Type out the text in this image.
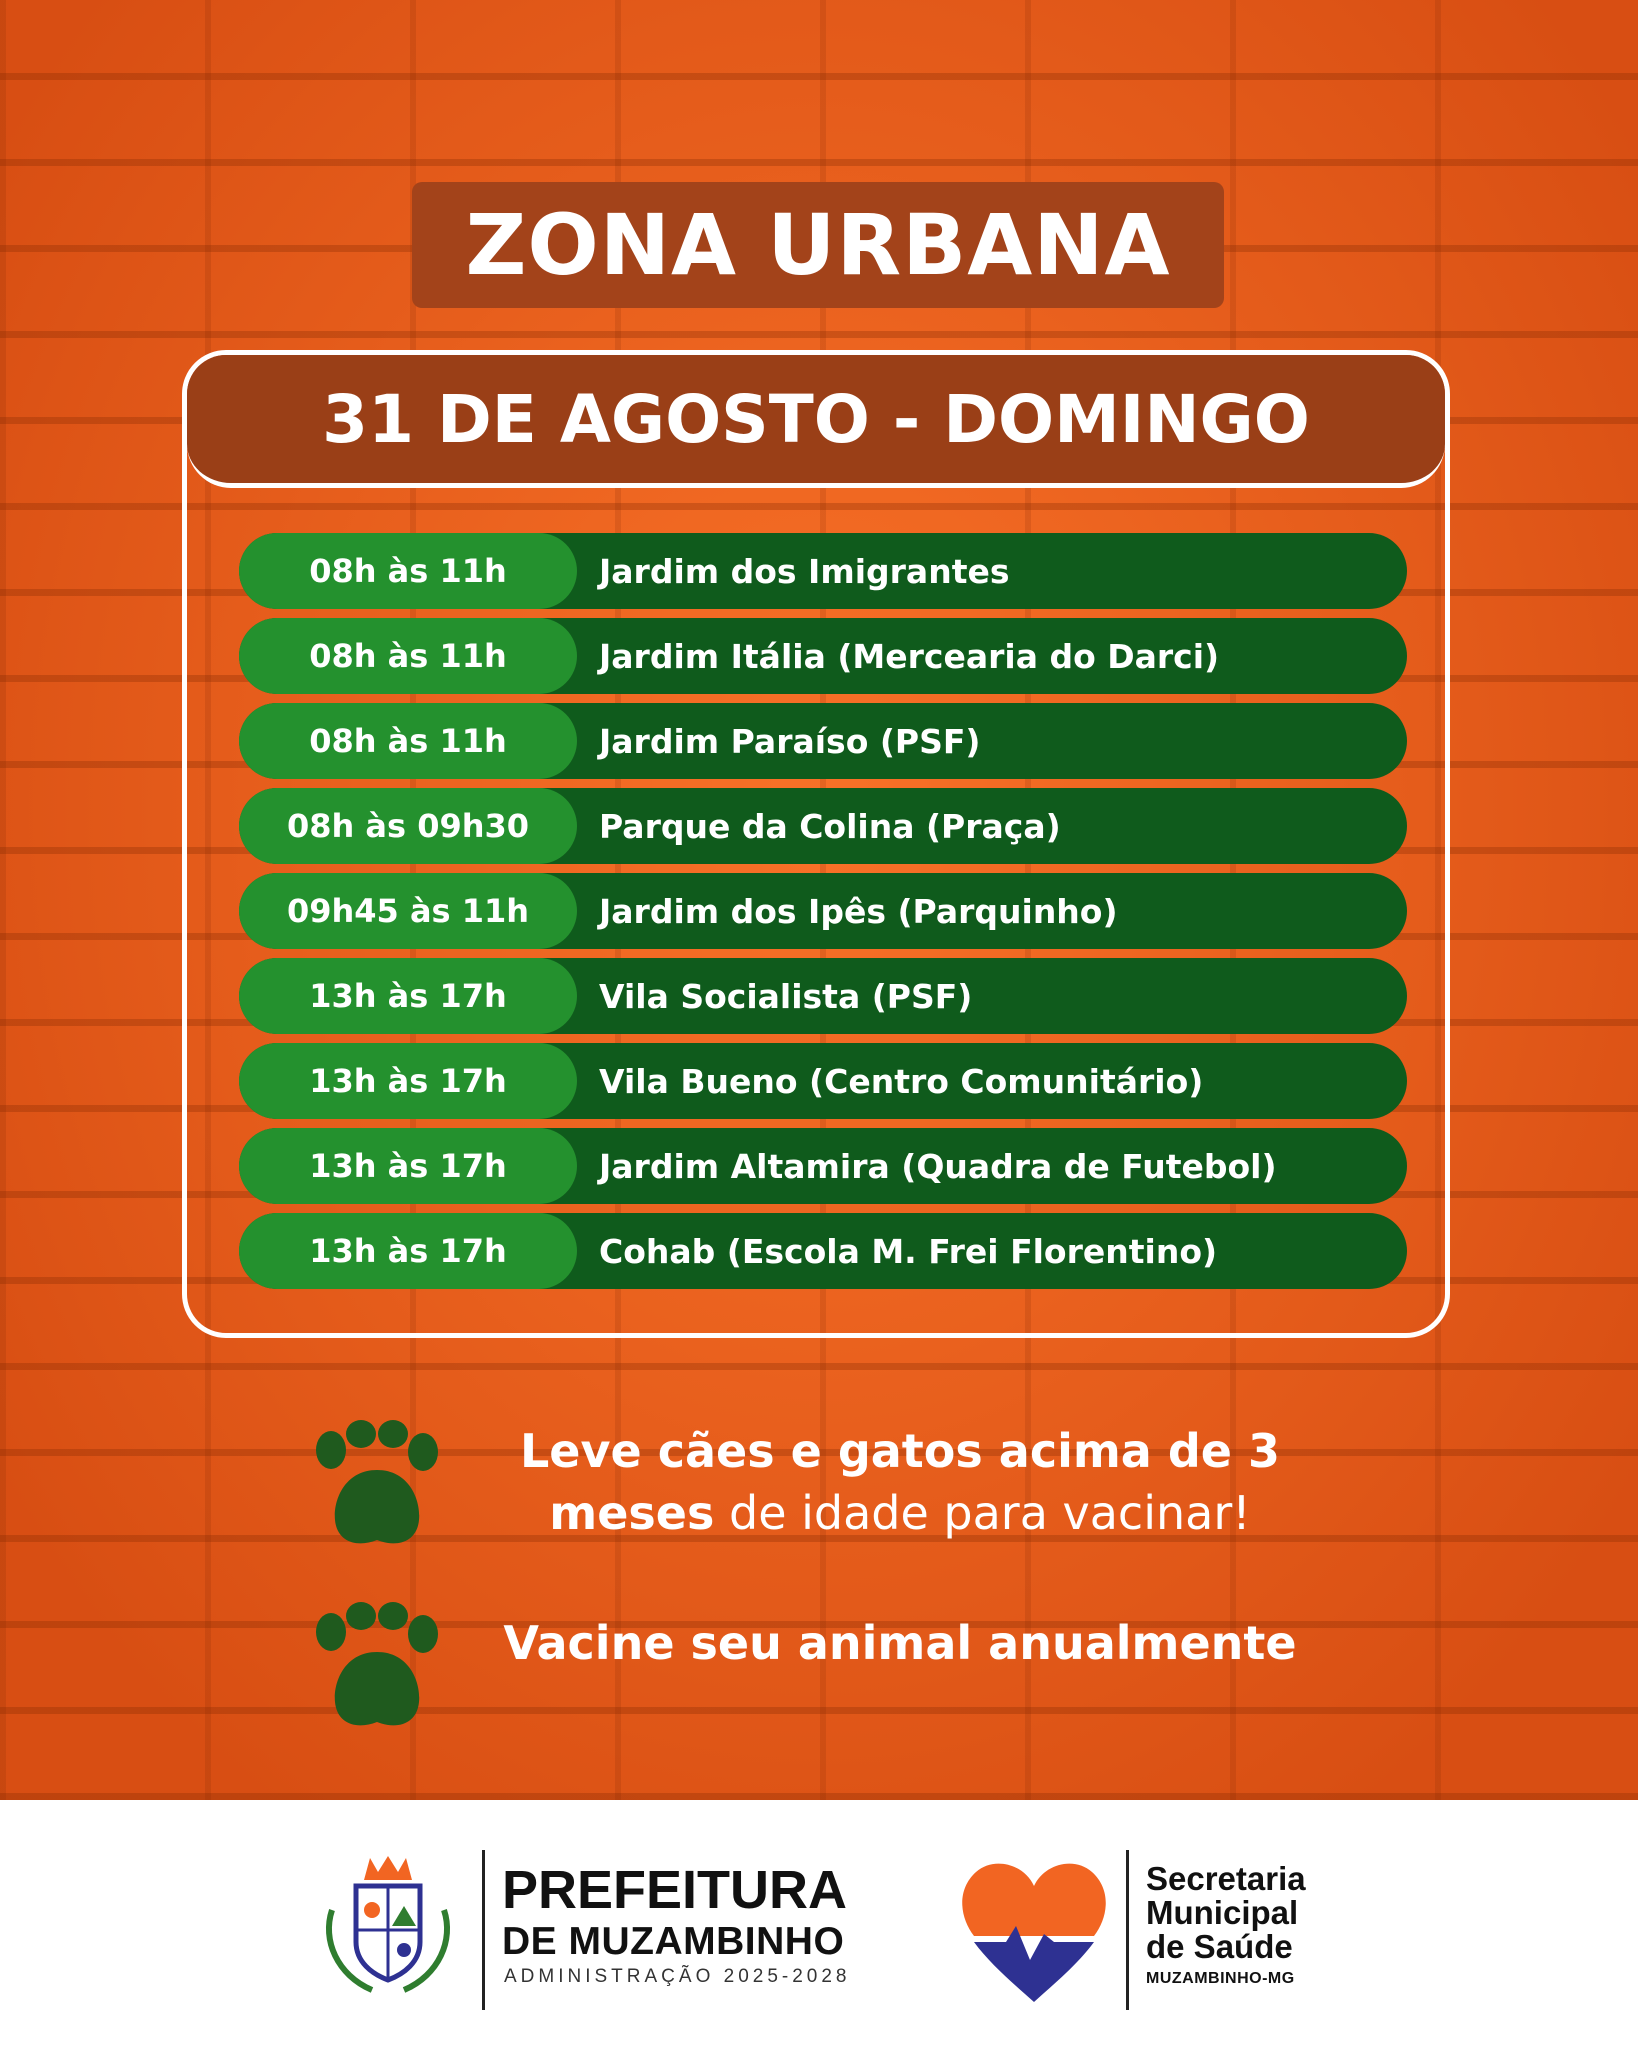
ZONA URBANA
31 DE AGOSTO - DOMINGO
08h às 11h	Jardim dos Imigrantes
08h às 11h	Jardim Itália (Mercearia do Darci)
08h às 11h	Jardim Paraíso (PSF)
08h às 09h30	Parque da Colina (Praça)
09h45 às 11h	Jardim dos Ipês (Parquinho)
13h às 17h	Vila Socialista (PSF)
13h às 17h	Vila Bueno (Centro Comunitário)
13h às 17h	Jardim Altamira (Quadra de Futebol)
13h às 17h	Cohab (Escola M. Frei Florentino)
Leve cães e gatos acima de 3
meses de idade para vacinar!
Vacine seu animal anualmente
PREFEITURA
DE MUZAMBINHO
ADMINISTRAÇÃO 2025-2028
Secretaria
Municipal
de Saúde
MUZAMBINHO-MG
